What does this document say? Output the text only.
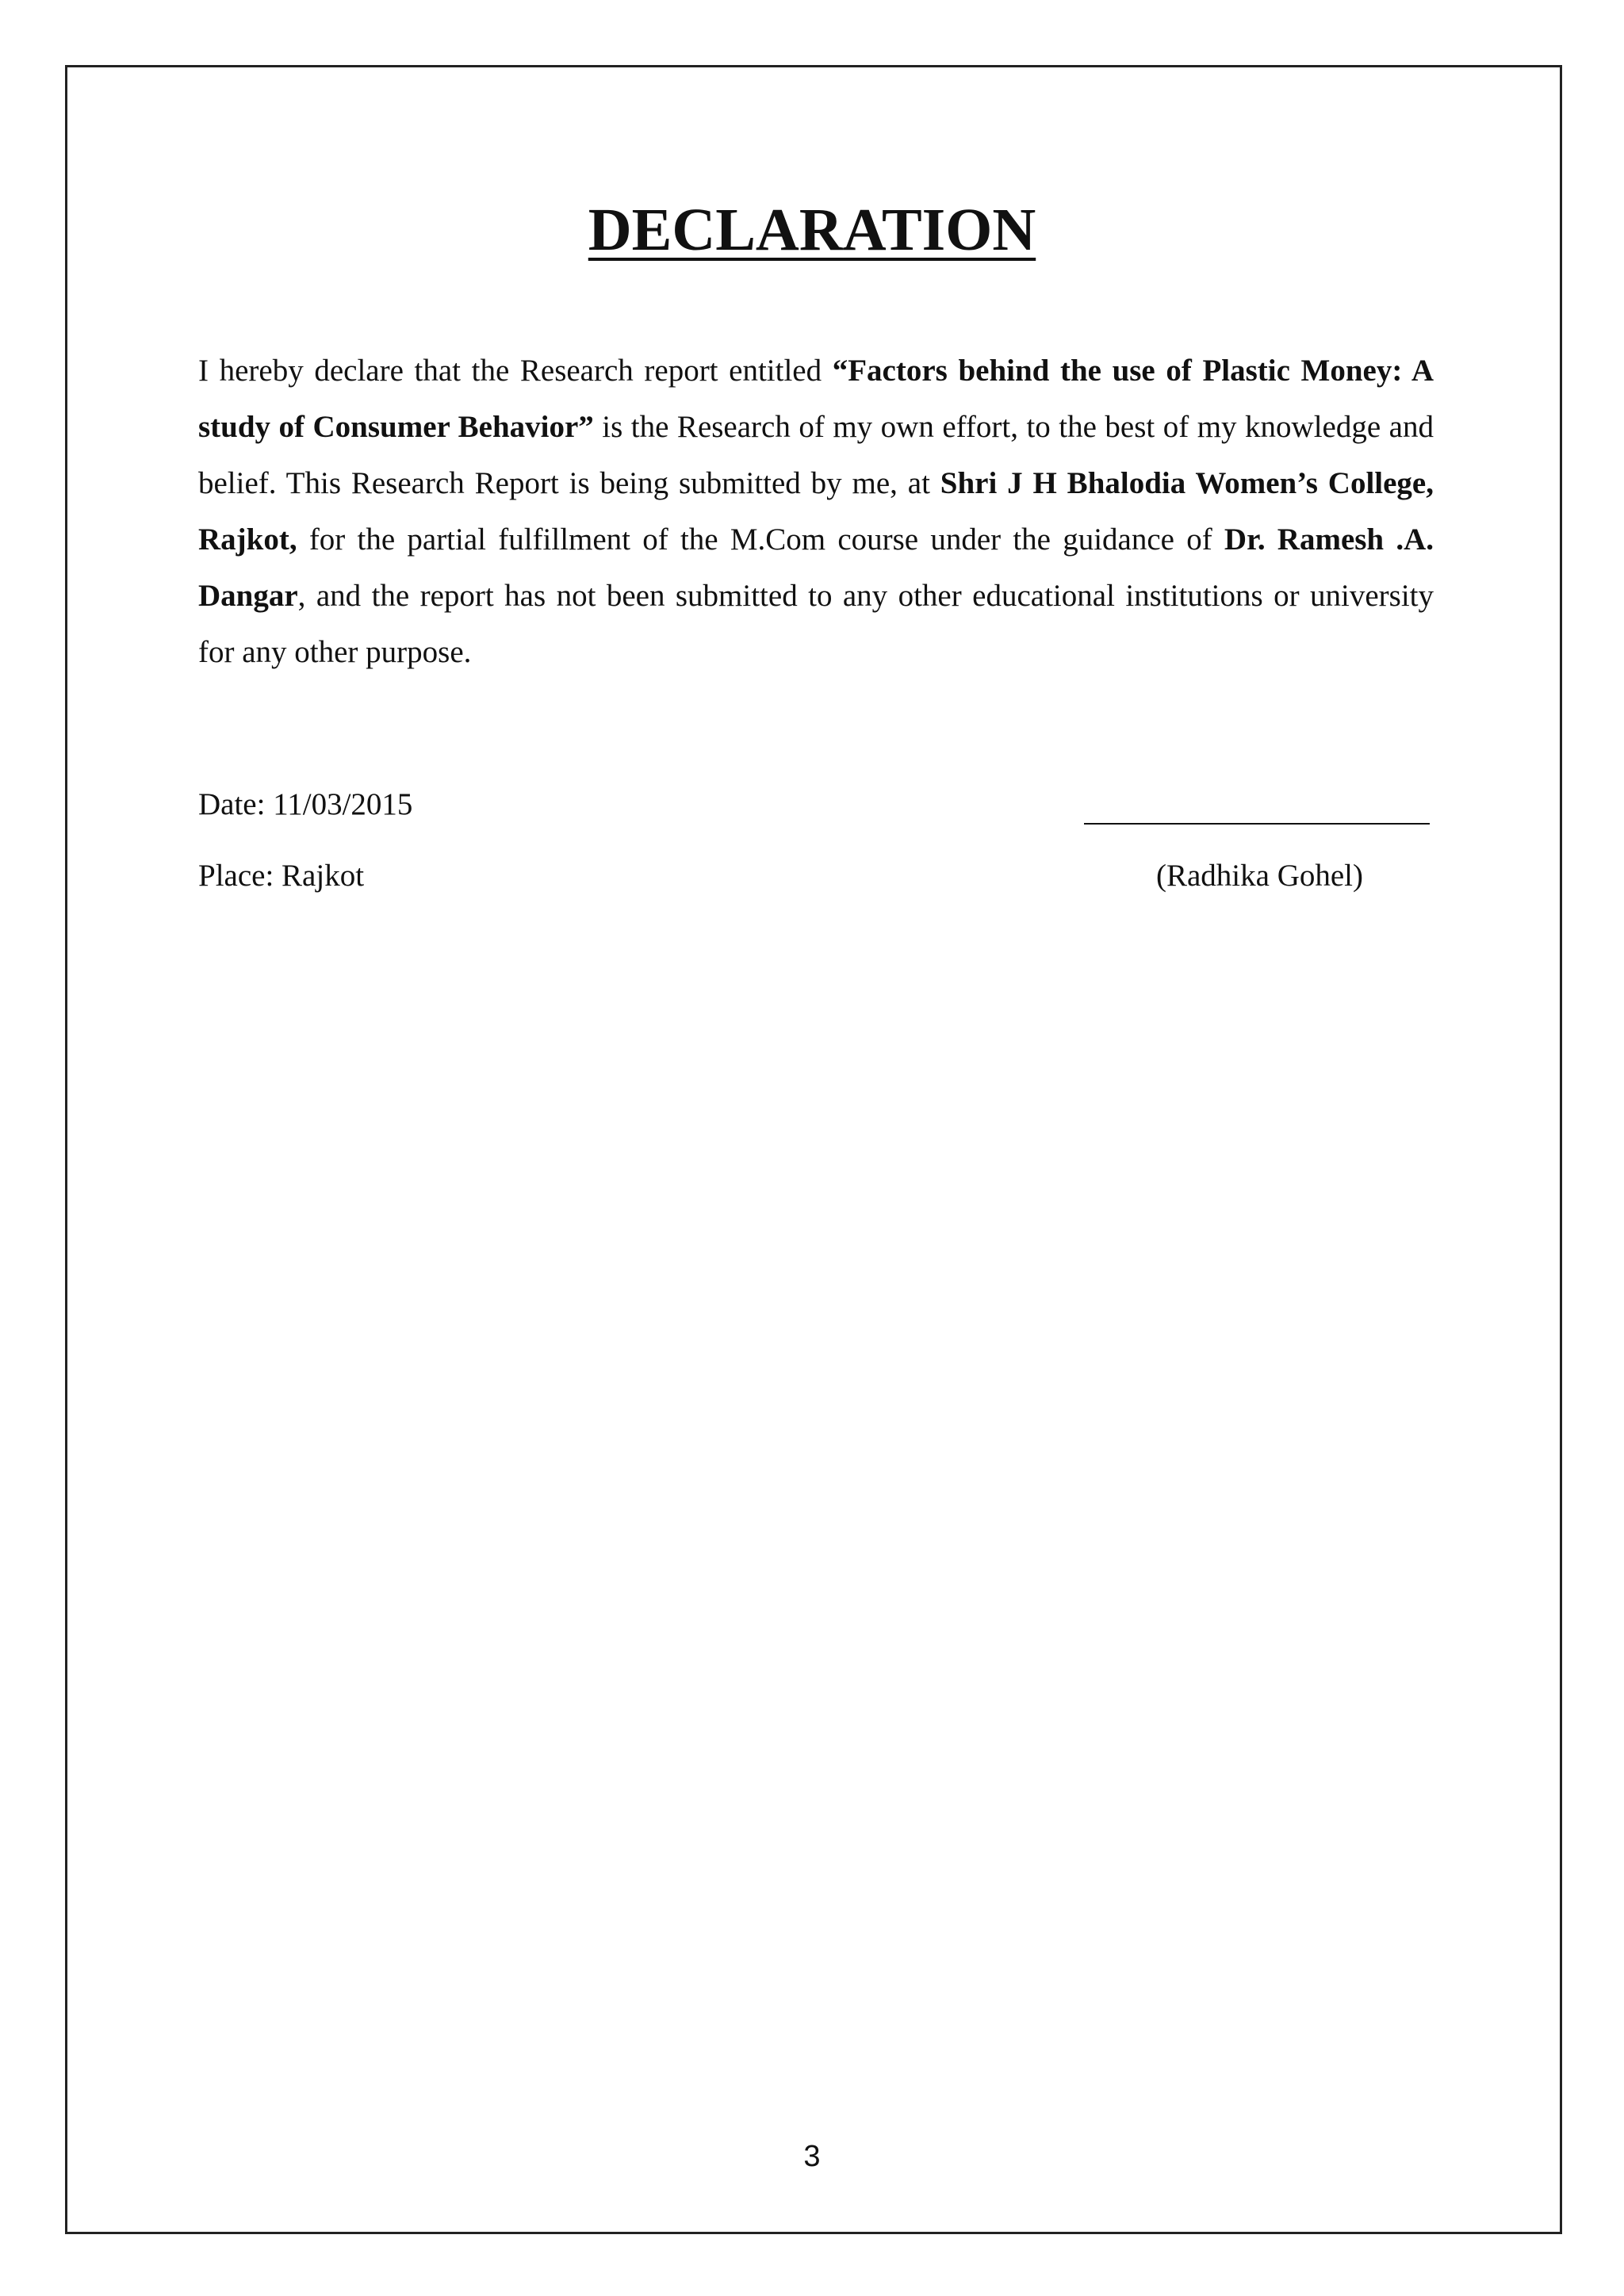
DECLARATION

I hereby declare that the Research report entitled “Factors behind the use of Plastic Money: A study of Consumer Behavior” is the Research of my own effort, to the best of my knowledge and belief. This Research Report is being submitted by me, at Shri J H Bhalodia Women’s College, Rajkot, for the partial fulfillment of the M.Com course under the guidance of Dr. Ramesh .A. Dangar, and the report has not been submitted to any other educational institutions or university for any other purpose.

Date: 11/03/2015

Place: Rajkot	(Radhika Gohel)

3
